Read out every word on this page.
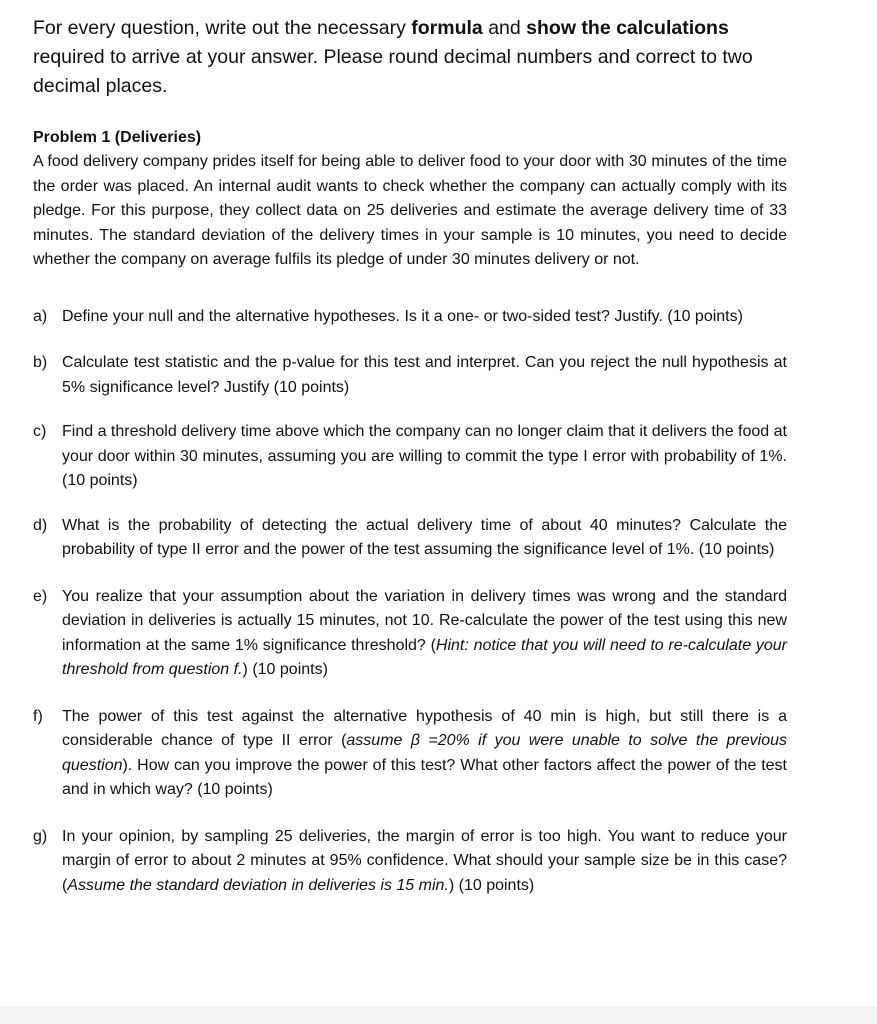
For every question, write out the necessary formula and show the calculations required to arrive at your answer. Please round decimal numbers and correct to two decimal places.

Problem 1 (Deliveries)

A food delivery company prides itself for being able to deliver food to your door with 30 minutes of the time the order was placed. An internal audit wants to check whether the company can actually comply with its pledge. For this purpose, they collect data on 25 deliveries and estimate the average delivery time of 33 minutes. The standard deviation of the delivery times in your sample is 10 minutes, you need to decide whether the company on average fulfils its pledge of under 30 minutes delivery or not.

a) Define your null and the alternative hypotheses. Is it a one- or two-sided test? Justify. (10 points)
b) Calculate test statistic and the p-value for this test and interpret. Can you reject the null hypothesis at 5% significance level? Justify (10 points)
c) Find a threshold delivery time above which the company can no longer claim that it delivers the food at your door within 30 minutes, assuming you are willing to commit the type I error with probability of 1%. (10 points)
d) What is the probability of detecting the actual delivery time of about 40 minutes? Calculate the probability of type II error and the power of the test assuming the significance level of 1%. (10 points)
e) You realize that your assumption about the variation in delivery times was wrong and the standard deviation in deliveries is actually 15 minutes, not 10. Re-calculate the power of the test using this new information at the same 1% significance threshold? (Hint: notice that you will need to re-calculate your threshold from question f.) (10 points)
f) The power of this test against the alternative hypothesis of 40 min is high, but still there is a considerable chance of type II error (assume β =20% if you were unable to solve the previous question). How can you improve the power of this test? What other factors affect the power of the test and in which way? (10 points)
g) In your opinion, by sampling 25 deliveries, the margin of error is too high. You want to reduce your margin of error to about 2 minutes at 95% confidence. What should your sample size be in this case? (Assume the standard deviation in deliveries is 15 min.) (10 points)
